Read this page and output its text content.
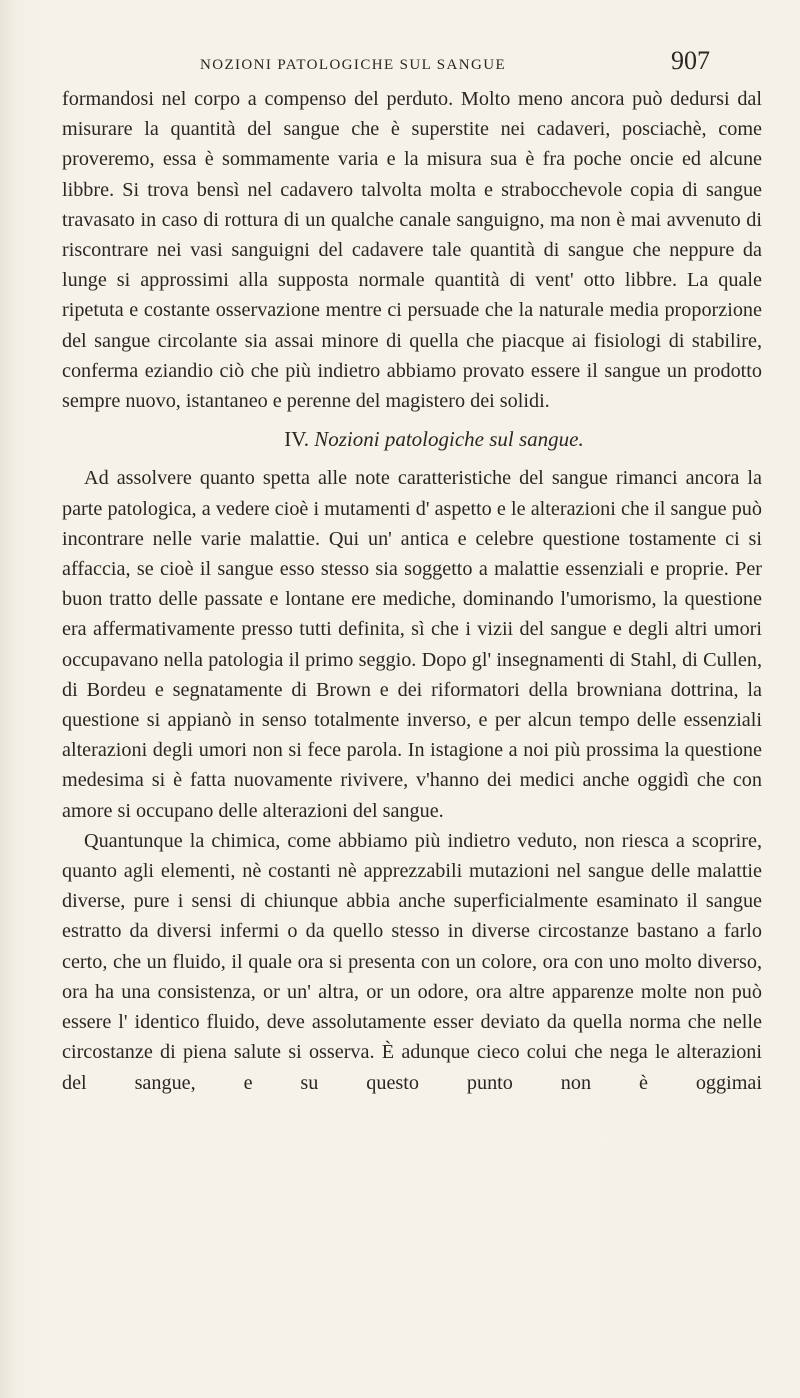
NOZIONI PATOLOGICHE SUL SANGUE	907

formandosi nel corpo a compenso del perduto. Molto meno ancora può dedursi dal misurare la quantità del sangue che è superstite nei cadaveri, posciachè, come proveremo, essa è sommamente varia e la misura sua è fra poche oncie ed alcune libbre. Si trova bensì nel cadavero talvolta molta e strabocchevole copia di sangue travasato in caso di rottura di un qualche canale sanguigno, ma non è mai avvenuto di riscontrare nei vasi sanguigni del cadavere tale quantità di sangue che neppure da lunge si approssimi alla supposta normale quantità di vent' otto libbre. La quale ripetuta e costante osservazione mentre ci persuade che la naturale media proporzione del sangue circolante sia assai minore di quella che piacque ai fisiologi di stabilire, conferma eziandio ciò che più indietro abbiamo provato essere il sangue un prodotto sempre nuovo, istantaneo e perenne del magistero dei solidi.

IV. Nozioni patologiche sul sangue.

Ad assolvere quanto spetta alle note caratteristiche del sangue rimanci ancora la parte patologica, a vedere cioè i mutamenti d' aspetto e le alterazioni che il sangue può incontrare nelle varie malattie. Qui un' antica e celebre questione tostamente ci si affaccia, se cioè il sangue esso stesso sia soggetto a malattie essenziali e proprie. Per buon tratto delle passate e lontane ere mediche, dominando l'umorismo, la questione era affermativamente presso tutti definita, sì che i vizii del sangue e degli altri umori occupavano nella patologia il primo seggio. Dopo gl' insegnamenti di Stahl, di Cullen, di Bordeu e segnatamente di Brown e dei riformatori della browniana dottrina, la questione si appianò in senso totalmente inverso, e per alcun tempo delle essenziali alterazioni degli umori non si fece parola. In istagione a noi più prossima la questione medesima si è fatta nuovamente rivivere, v'hanno dei medici anche oggidì che con amore si occupano delle alterazioni del sangue.

Quantunque la chimica, come abbiamo più indietro veduto, non riesca a scoprire, quanto agli elementi, nè costanti nè apprezzabili mutazioni nel sangue delle malattie diverse, pure i sensi di chiunque abbia anche superficialmente esaminato il sangue estratto da diversi infermi o da quello stesso in diverse circostanze bastano a farlo certo, che un fluido, il quale ora si presenta con un colore, ora con uno molto diverso, ora ha una consistenza, or un' altra, or un odore, ora altre apparenze molte non può essere l' identico fluido, deve assolutamente esser deviato da quella norma che nelle circostanze di piena salute si osserva. È adunque cieco colui che nega le alterazioni del sangue, e su questo punto non è oggimai
